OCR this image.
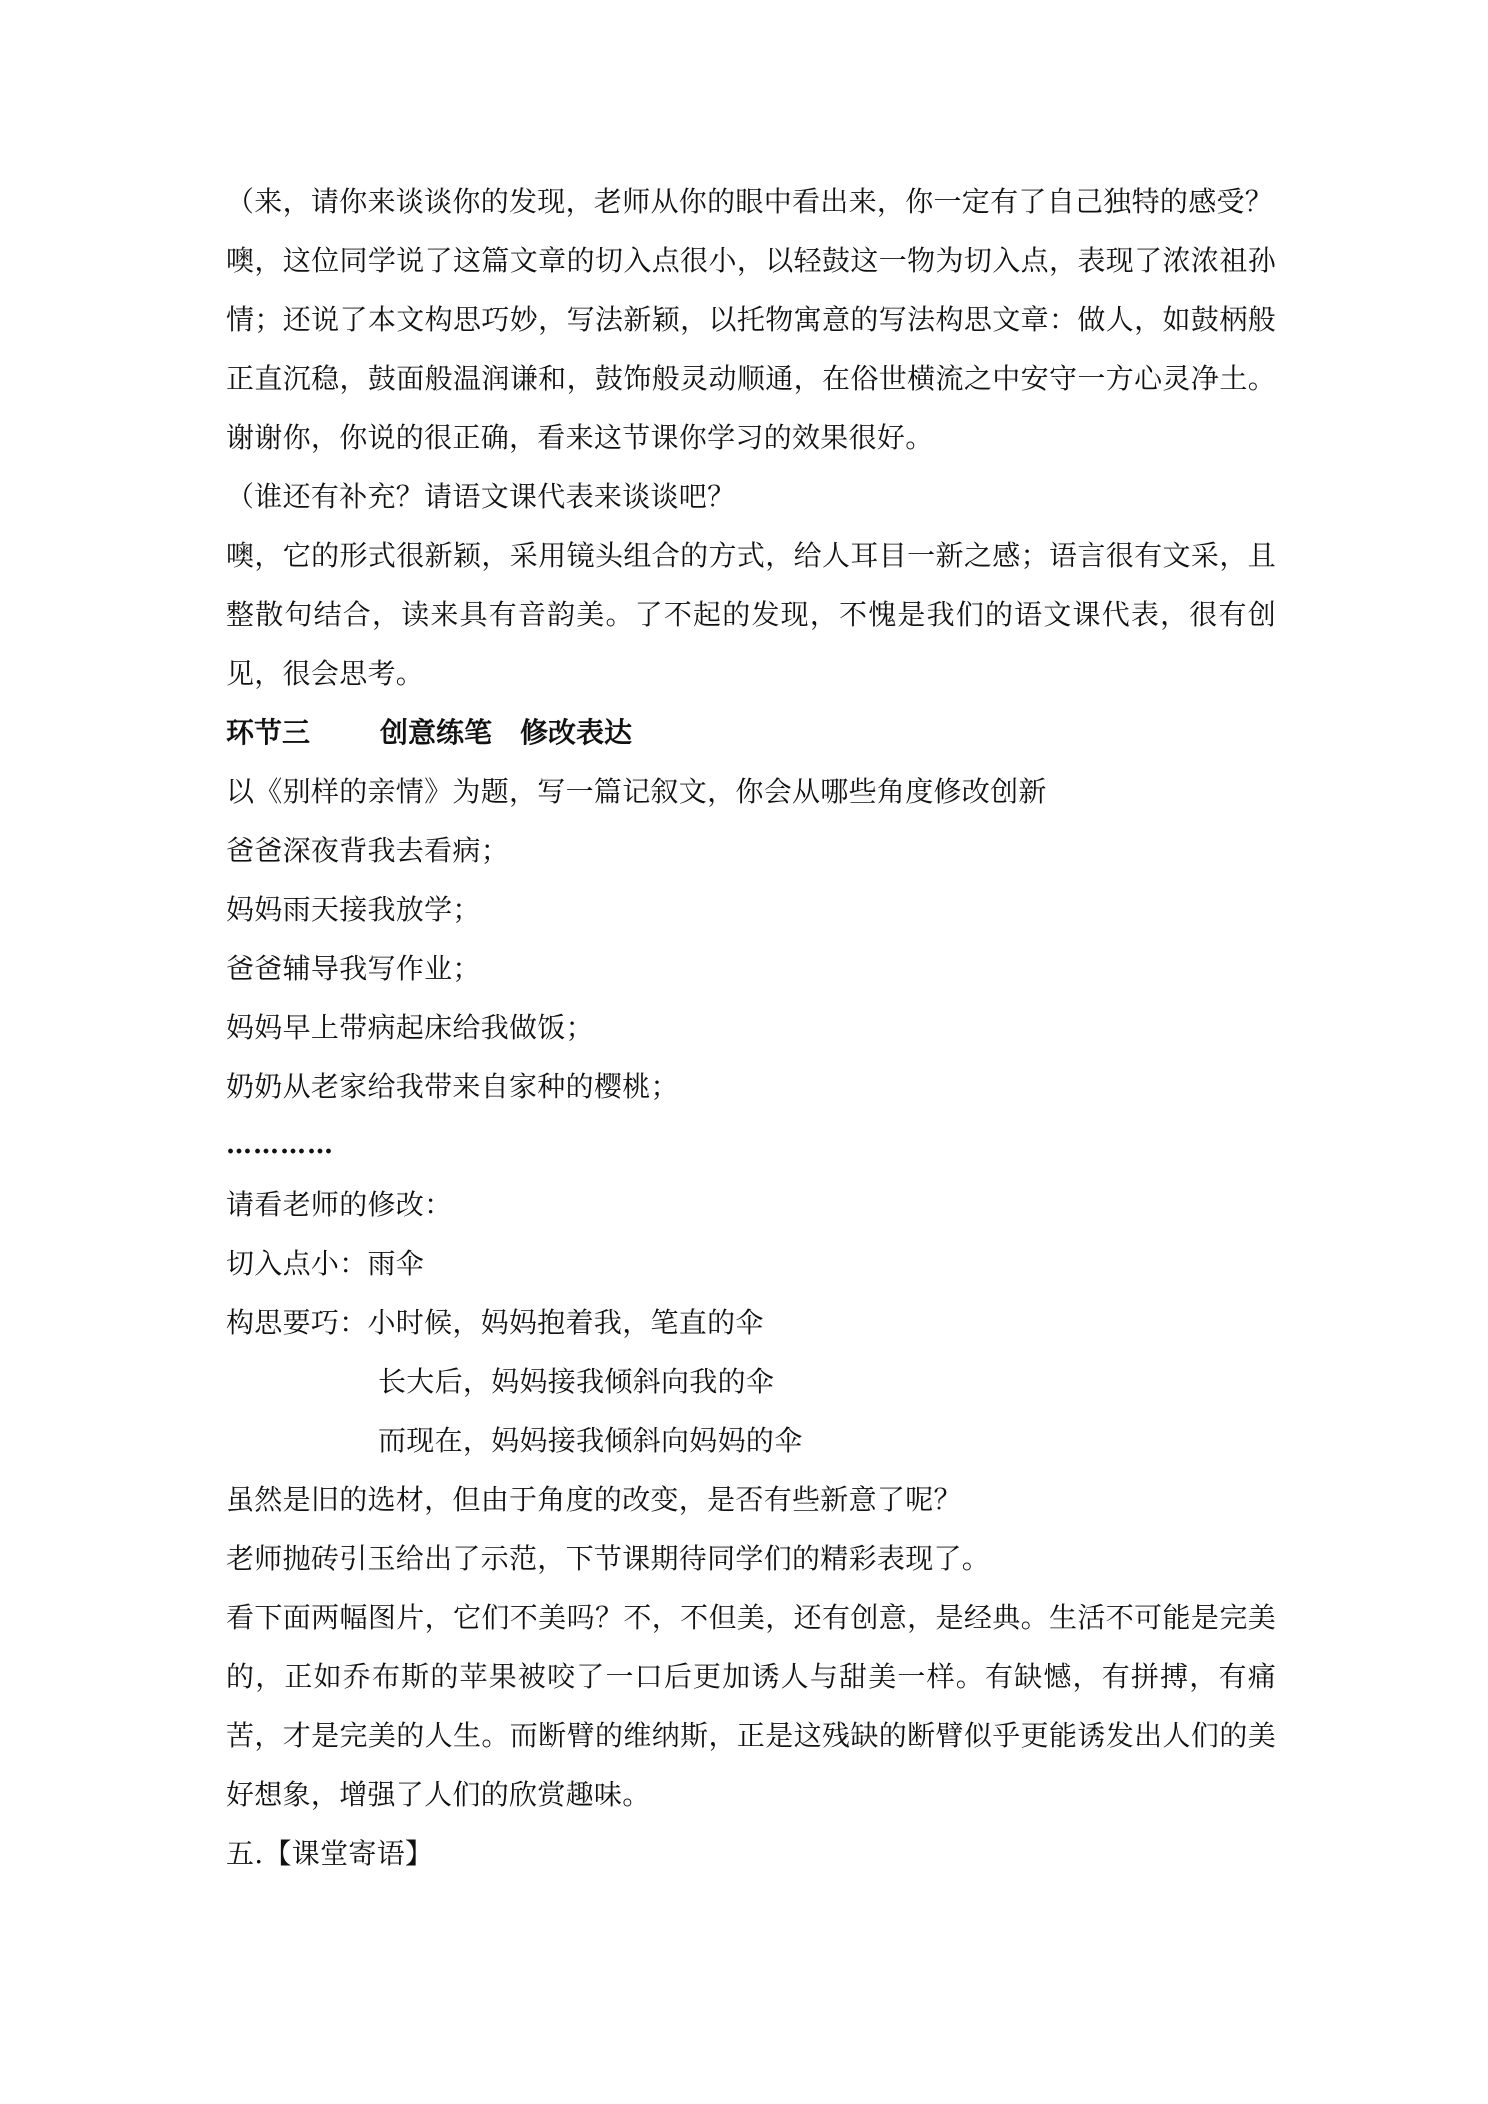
（来，请你来谈谈你的发现，老师从你的眼中看出来，你一定有了自己独特的感受？
噢，这位同学说了这篇文章的切入点很小，以轻鼓这一物为切入点，表现了浓浓祖孙情；还说了本文构思巧妙，写法新颖，以托物寓意的写法构思文章：做人，如鼓柄般正直沉稳，鼓面般温润谦和，鼓饰般灵动顺通，在俗世横流之中安守一方心灵净土。谢谢你，你说的很正确，看来这节课你学习的效果很好。
（谁还有补充？请语文课代表来谈谈吧？
噢，它的形式很新颖，采用镜头组合的方式，给人耳目一新之感；语言很有文采，且整散句结合，读来具有音韵美。了不起的发现，不愧是我们的语文课代表，很有创见，很会思考。
环节三	创意练笔 修改表达
以《别样的亲情》为题，写一篇记叙文，你会从哪些角度修改创新
爸爸深夜背我去看病；
妈妈雨天接我放学；
爸爸辅导我写作业；
妈妈早上带病起床给我做饭；
奶奶从老家给我带来自家种的樱桃；
…………
请看老师的修改：
切入点小：雨伞
构思要巧：小时候，妈妈抱着我，笔直的伞
长大后，妈妈接我倾斜向我的伞
而现在，妈妈接我倾斜向妈妈的伞
虽然是旧的选材，但由于角度的改变，是否有些新意了呢？
老师抛砖引玉给出了示范，下节课期待同学们的精彩表现了。
看下面两幅图片，它们不美吗？不，不但美，还有创意，是经典。生活不可能是完美的，正如乔布斯的苹果被咬了一口后更加诱人与甜美一样。有缺憾，有拼搏，有痛苦，才是完美的人生。而断臂的维纳斯，正是这残缺的断臂似乎更能诱发出人们的美好想象，增强了人们的欣赏趣味。
五.【课堂寄语】
